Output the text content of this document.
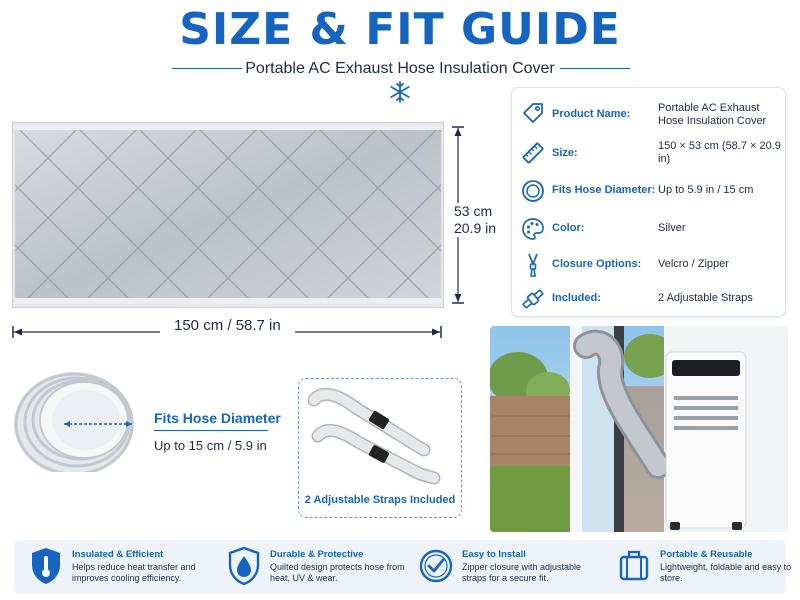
SIZE & FIT GUIDE
Portable AC Exhaust Hose Insulation Cover
150 cm / 58.7 in
53 cm
20.9 in
Product Name:	Portable AC Exhaust Hose Insulation Cover
Size:
150 × 53 cm (58.7 × 20.9 in)
Fits Hose Diameter: Up to 5.9 in / 15 cm
Color:	Silver
Closure Options: Velcro / Zipper
Included:	2 Adjustable Straps
Fits Hose Diameter
Up to 15 cm / 5.9 in
2 Adjustable Straps Included
Insulated & Efficient
Helps reduce heat transfer and improves cooling efficiency.
Durable & Protective
Quilted design protects hose from heat, UV & wear.
Easy to Install
Zipper closure with adjustable straps for a secure fit.
Portable & Reusable
Lightweight, foldable and easy to store.
